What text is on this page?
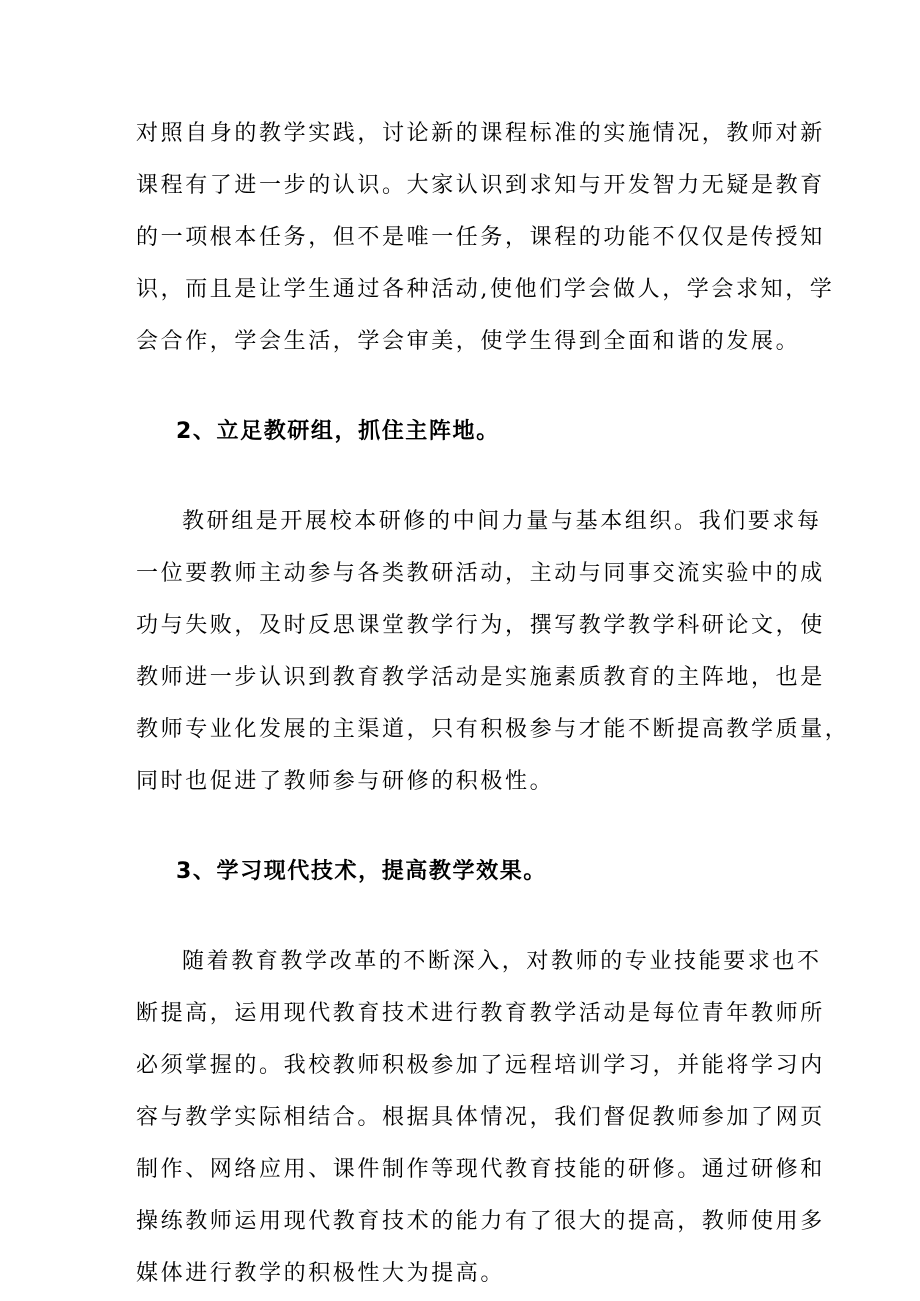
对照自身的教学实践，讨论新的课程标准的实施情况，教师对新
课程有了进一步的认识。大家认识到求知与开发智力无疑是教育
的一项根本任务，但不是唯一任务，课程的功能不仅仅是传授知
识，而且是让学生通过各种活动,使他们学会做人，学会求知，学
会合作，学会生活，学会审美，使学生得到全面和谐的发展。
2、立足教研组，抓住主阵地。
教研组是开展校本研修的中间力量与基本组织。我们要求每
一位要教师主动参与各类教研活动，主动与同事交流实验中的成
功与失败，及时反思课堂教学行为，撰写教学教学科研论文，使
教师进一步认识到教育教学活动是实施素质教育的主阵地，也是
教师专业化发展的主渠道，只有积极参与才能不断提高教学质量，
同时也促进了教师参与研修的积极性。
3、学习现代技术，提高教学效果。
随着教育教学改革的不断深入，对教师的专业技能要求也不
断提高，运用现代教育技术进行教育教学活动是每位青年教师所
必须掌握的。我校教师积极参加了远程培训学习，并能将学习内
容与教学实际相结合。根据具体情况，我们督促教师参加了网页
制作、网络应用、课件制作等现代教育技能的研修。通过研修和
操练教师运用现代教育技术的能力有了很大的提高，教师使用多
媒体进行教学的积极性大为提高。
